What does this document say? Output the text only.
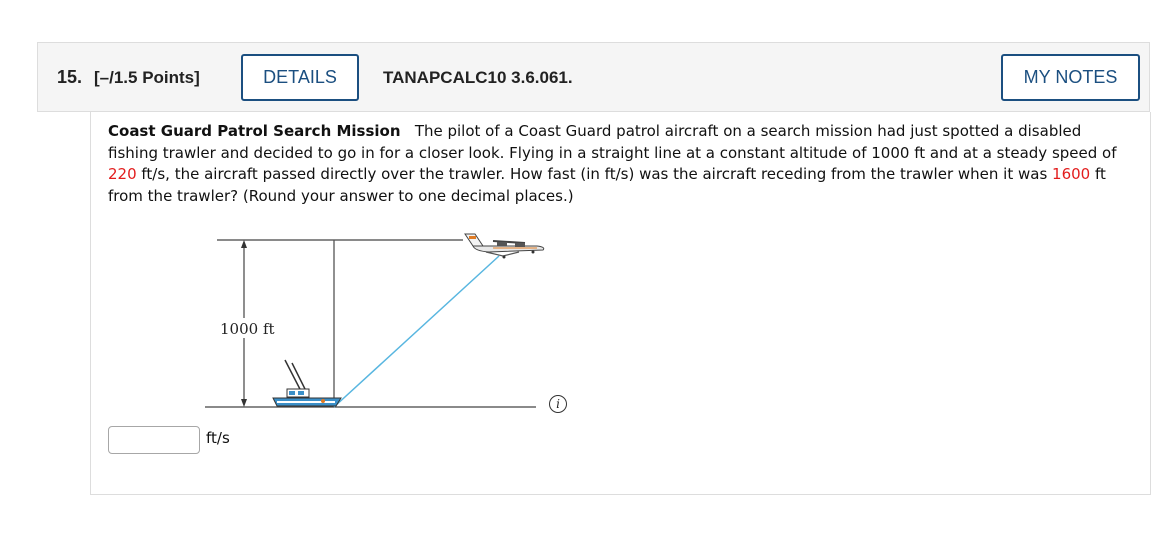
15. [–/1.5 Points]	DETAILS	TANAPCALC10 3.6.061.	MY NOTES
Coast Guard Patrol Search Mission The pilot of a Coast Guard patrol aircraft on a search mission had just spotted a disabled fishing trawler and decided to go in for a closer look. Flying in a straight line at a constant altitude of 1000 ft and at a steady speed of 220 ft/s, the aircraft passed directly over the trawler. How fast (in ft/s) was the aircraft receding from the trawler when it was 1600 ft from the trawler? (Round your answer to one decimal places.)
1000 ft
i
ft/s
